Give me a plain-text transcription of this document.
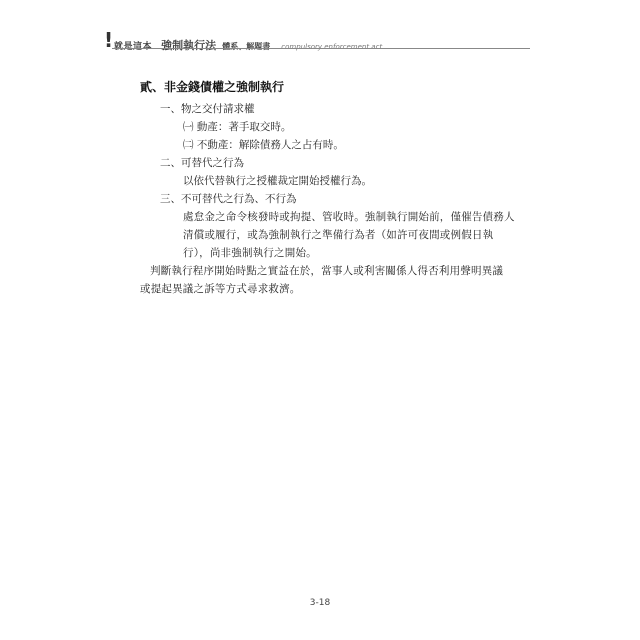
! 就是這本 強制執行法 體系、解題書 compulsory enforcement act
貳、非金錢債權之強制執行
一、物之交付請求權
㈠ 動產：著手取交時。
㈡ 不動產：解除債務人之占有時。
二、可替代之行為
以依代替執行之授權裁定開始授權行為。
三、不可替代之行為、不行為
處怠金之命令核發時或拘提、管收時。強制執行開始前，僅催告債務人清償或履行，或為強制執行之準備行為者（如許可夜間或例假日執行），尚非強制執行之開始。
判斷執行程序開始時點之實益在於，當事人或利害關係人得否利用聲明異議或提起異議之訴等方式尋求救濟。
3-18
